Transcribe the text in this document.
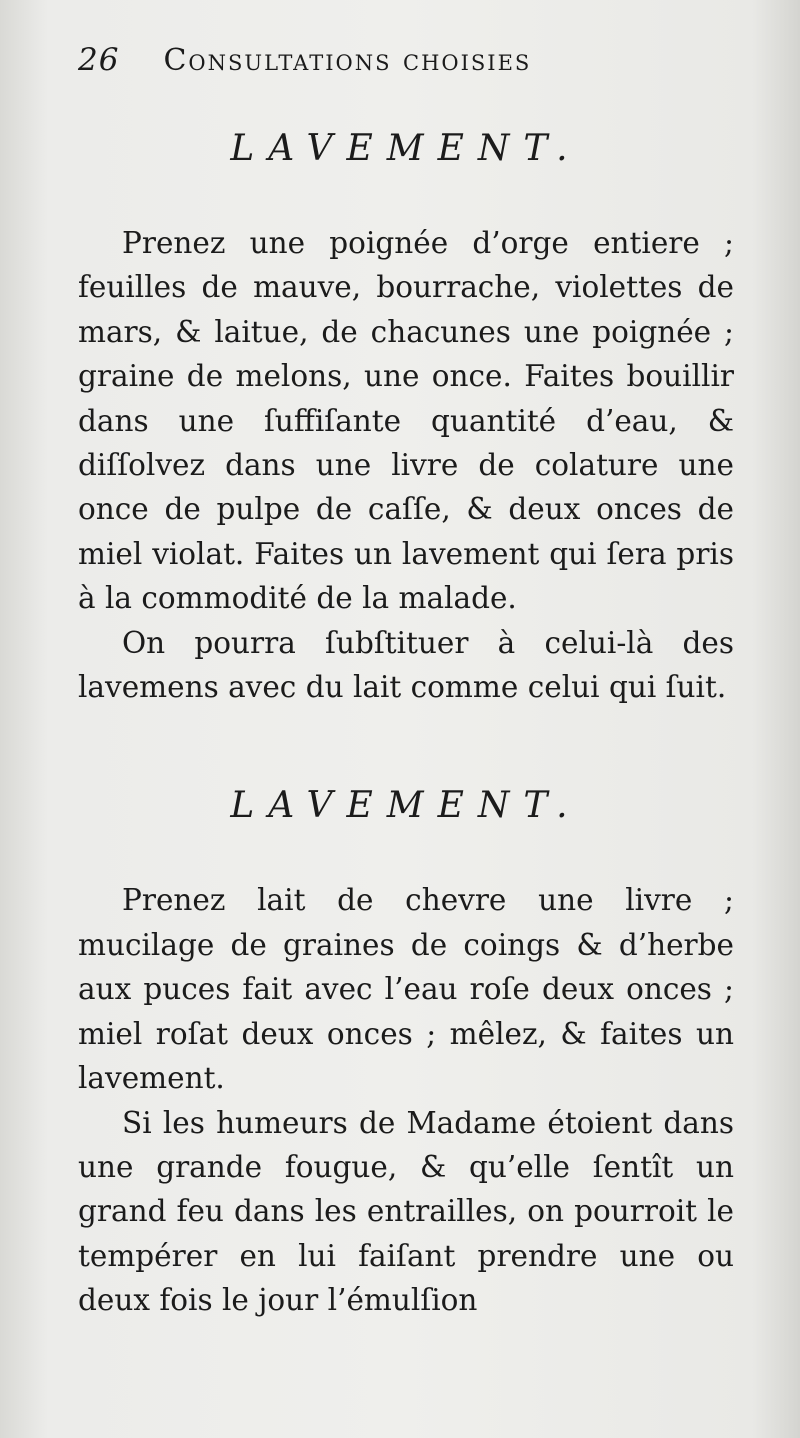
26 Consultations choisies
LAVEMENT.

Prenez une poignée d’orge entiere ; feuilles de mauve, bourrache, violettes de mars, & laitue, de chacunes une poignée ; graine de melons, une once. Faites bouillir dans une ſuffiſante quantité d’eau, & diſſolvez dans une livre de colature une once de pulpe de caſſe, & deux onces de miel violat. Faites un lavement qui ſera pris à la commodité de la malade.

On pourra ſubſtituer à celui-là des lavemens avec du lait comme celui qui ſuit.

LAVEMENT.

Prenez lait de chevre une livre ; mucilage de graines de coings & d’herbe aux puces fait avec l’eau roſe deux onces ; miel roſat deux onces ; mêlez, & faites un lavement.

Si les humeurs de Madame étoient dans une grande fougue, & qu’elle ſentît un grand feu dans les entrailles, on pourroit le tempérer en lui faiſant prendre une ou deux fois le jour l’émulſion
